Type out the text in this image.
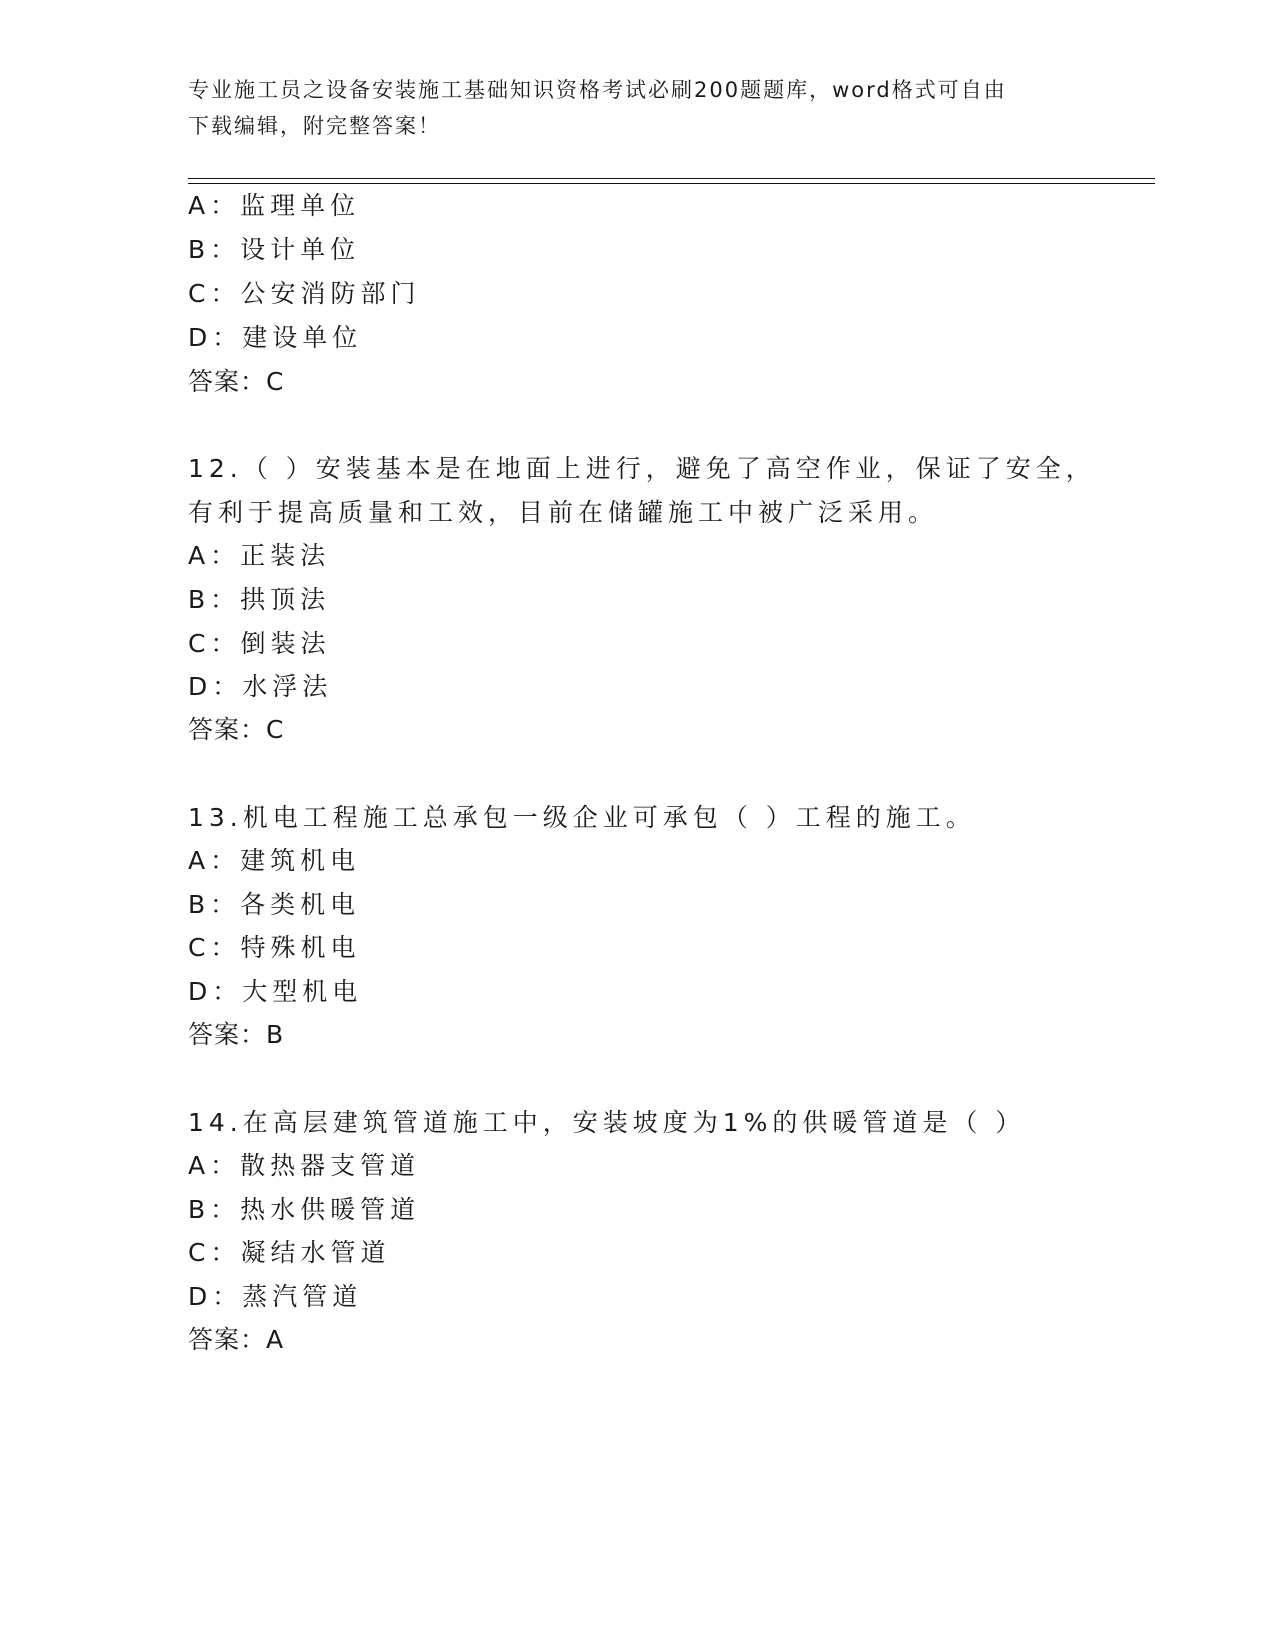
专业施工员之设备安装施工基础知识资格考试必刷200题题库，word格式可自由
下载编辑，附完整答案！
A：监理单位
B：设计单位
C：公安消防部门
D：建设单位
答案：C
12.（ ）安装基本是在地面上进行，避免了高空作业，保证了安全，
有利于提高质量和工效，目前在储罐施工中被广泛采用。
A：正装法
B：拱顶法
C：倒装法
D：水浮法
答案：C
13.机电工程施工总承包一级企业可承包（ ）工程的施工。
A：建筑机电
B：各类机电
C：特殊机电
D：大型机电
答案：B
14.在高层建筑管道施工中，安装坡度为1%的供暖管道是（ ）
A：散热器支管道
B：热水供暖管道
C：凝结水管道
D：蒸汽管道
答案：A
